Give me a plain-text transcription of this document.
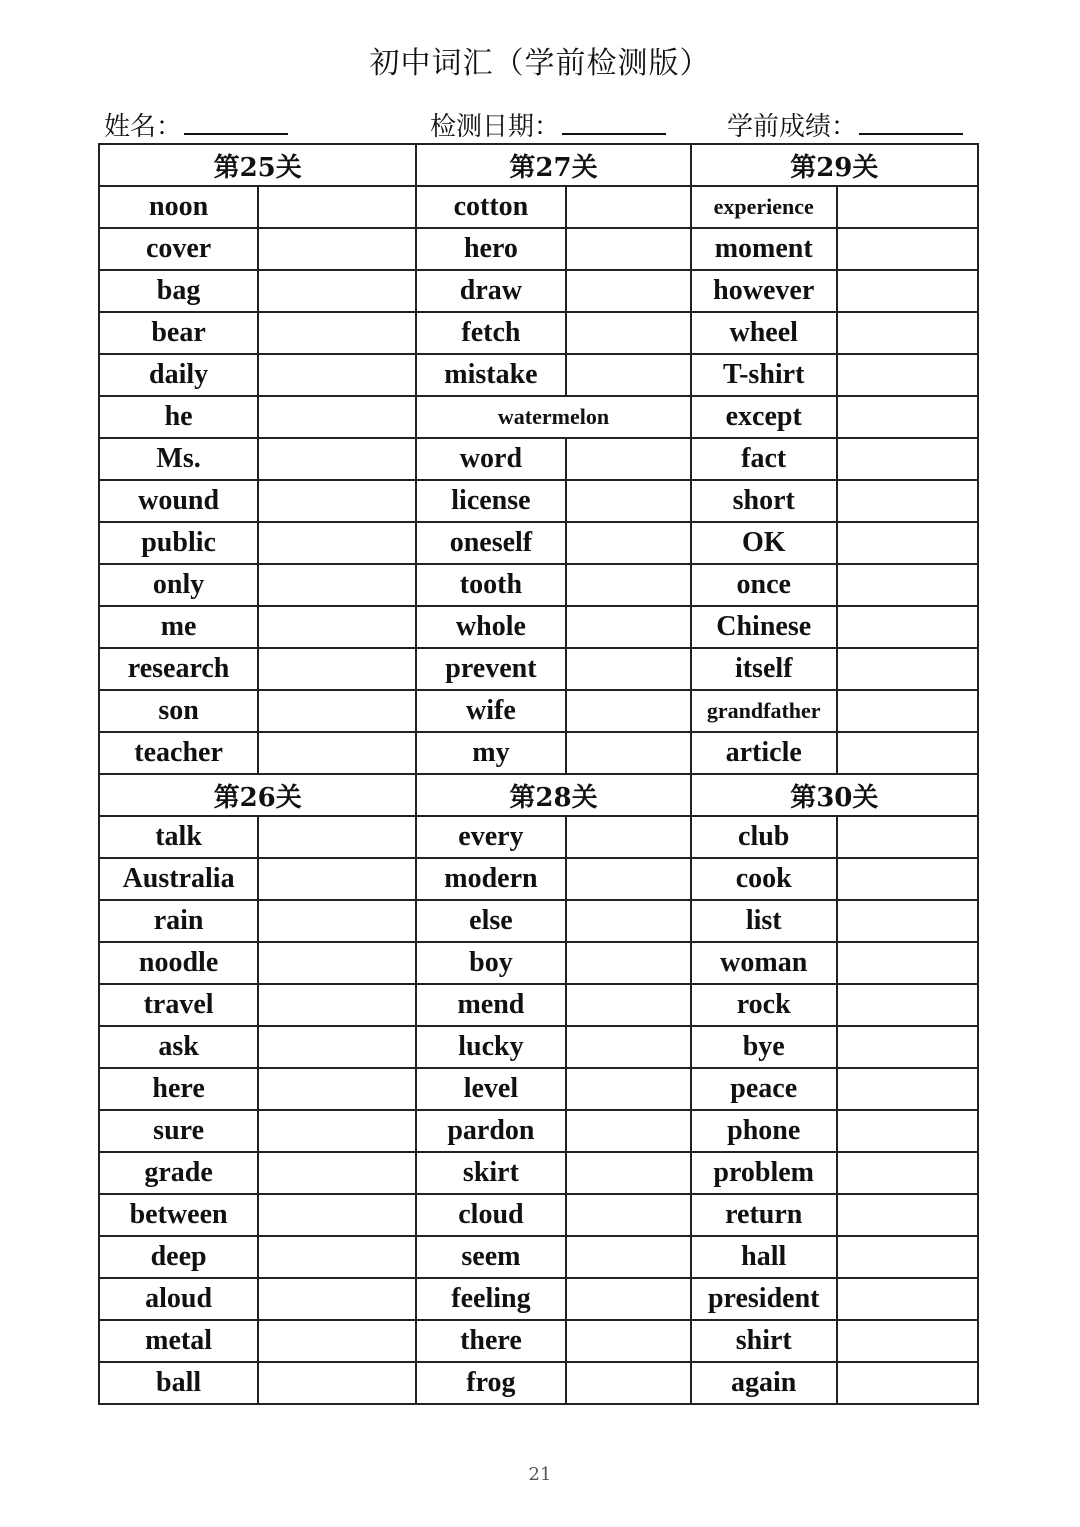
初中词汇（学前检测版）
姓名：	检测日期：	学前成绩：
第25关		第27关		第29关	
noon		cotton		experience	
cover		hero		moment	
bag		draw		however	
bear		fetch		wheel	
daily		mistake		T-shirt	
he		watermelon		except	
Ms.		word		fact	
wound		license		short	
public		oneself		OK	
only		tooth		once	
me		whole		Chinese	
research		prevent		itself	
son		wife		grandfather	
teacher		my		article	
第26关		第28关		第30关	
talk		every		club	
Australia		modern		cook	
rain		else		list	
noodle		boy		woman	
travel		mend		rock	
ask		lucky		bye	
here		level		peace	
sure		pardon		phone	
grade		skirt		problem	
between		cloud		return	
deep		seem		hall	
aloud		feeling		president	
metal		there		shirt	
ball		frog		again	
21
